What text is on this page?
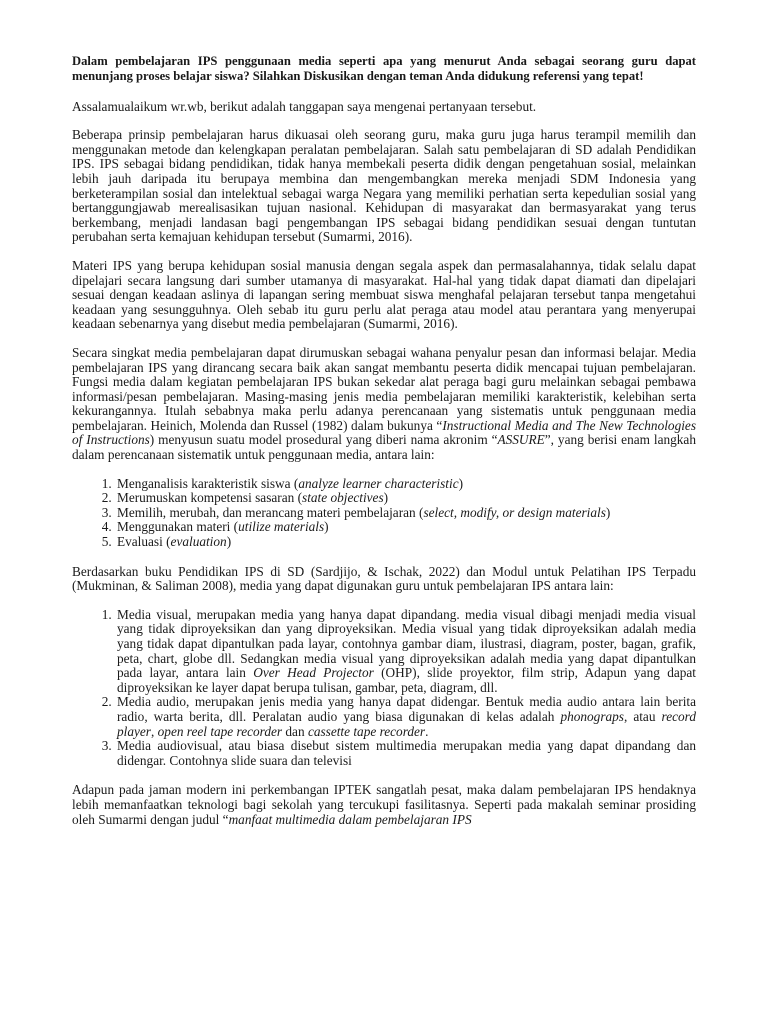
Dalam pembelajaran IPS penggunaan media seperti apa yang menurut Anda sebagai seorang guru dapat menunjang proses belajar siswa? Silahkan Diskusikan dengan teman Anda didukung referensi yang tepat!

Assalamualaikum wr.wb, berikut adalah tanggapan saya mengenai pertanyaan tersebut.

Beberapa prinsip pembelajaran harus dikuasai oleh seorang guru, maka guru juga harus terampil memilih dan menggunakan metode dan kelengkapan peralatan pembelajaran. Salah satu pembelajaran di SD adalah Pendidikan IPS. IPS sebagai bidang pendidikan, tidak hanya membekali peserta didik dengan pengetahuan sosial, melainkan lebih jauh daripada itu berupaya membina dan mengembangkan mereka menjadi SDM Indonesia yang berketerampilan sosial dan intelektual sebagai warga Negara yang memiliki perhatian serta kepedulian sosial yang bertanggungjawab merealisasikan tujuan nasional. Kehidupan di masyarakat dan bermasyarakat yang terus berkembang, menjadi landasan bagi pengembangan IPS sebagai bidang pendidikan sesuai dengan tuntutan perubahan serta kemajuan kehidupan tersebut (Sumarmi, 2016).

Materi IPS yang berupa kehidupan sosial manusia dengan segala aspek dan permasalahannya, tidak selalu dapat dipelajari secara langsung dari sumber utamanya di masyarakat. Hal-hal yang tidak dapat diamati dan dipelajari sesuai dengan keadaan aslinya di lapangan sering membuat siswa menghafal pelajaran tersebut tanpa mengetahui keadaan yang sesungguhnya. Oleh sebab itu guru perlu alat peraga atau model atau perantara yang menyerupai keadaan sebenarnya yang disebut media pembelajaran (Sumarmi, 2016).

Secara singkat media pembelajaran dapat dirumuskan sebagai wahana penyalur pesan dan informasi belajar. Media pembelajaran IPS yang dirancang secara baik akan sangat membantu peserta didik mencapai tujuan pembelajaran. Fungsi media dalam kegiatan pembelajaran IPS bukan sekedar alat peraga bagi guru melainkan sebagai pembawa informasi/pesan pembelajaran. Masing-masing jenis media pembelajaran memiliki karakteristik, kelebihan serta kekurangannya. Itulah sebabnya maka perlu adanya perencanaan yang sistematis untuk penggunaan media pembelajaran. Heinich, Molenda dan Russel (1982) dalam bukunya “Instructional Media and The New Technologies of Instructions) menyusun suatu model prosedural yang diberi nama akronim “ASSURE”, yang berisi enam langkah dalam perencanaan sistematik untuk penggunaan media, antara lain:

1. Menganalisis karakteristik siswa (analyze learner characteristic)
2. Merumuskan kompetensi sasaran (state objectives)
3. Memilih, merubah, dan merancang materi pembelajaran (select, modify, or design materials)
4. Menggunakan materi (utilize materials)
5. Evaluasi (evaluation)

Berdasarkan buku Pendidikan IPS di SD (Sardjijo, & Ischak, 2022) dan Modul untuk Pelatihan IPS Terpadu (Mukminan, & Saliman 2008), media yang dapat digunakan guru untuk pembelajaran IPS antara lain:

1. Media visual, merupakan media yang hanya dapat dipandang. media visual dibagi menjadi media visual yang tidak diproyeksikan dan yang diproyeksikan. Media visual yang tidak diproyeksikan adalah media yang tidak dapat dipantulkan pada layar, contohnya gambar diam, ilustrasi, diagram, poster, bagan, grafik, peta, chart, globe dll. Sedangkan media visual yang diproyeksikan adalah media yang dapat dipantulkan pada layar, antara lain Over Head Projector (OHP), slide proyektor, film strip, Adapun yang dapat diproyeksikan ke layer dapat berupa tulisan, gambar, peta, diagram, dll.
2. Media audio, merupakan jenis media yang hanya dapat didengar. Bentuk media audio antara lain berita radio, warta berita, dll. Peralatan audio yang biasa digunakan di kelas adalah phonograps, atau record player, open reel tape recorder dan cassette tape recorder.
3. Media audiovisual, atau biasa disebut sistem multimedia merupakan media yang dapat dipandang dan didengar. Contohnya slide suara dan televisi

Adapun pada jaman modern ini perkembangan IPTEK sangatlah pesat, maka dalam pembelajaran IPS hendaknya lebih memanfaatkan teknologi bagi sekolah yang tercukupi fasilitasnya. Seperti pada makalah seminar prosiding oleh Sumarmi dengan judul “manfaat multimedia dalam pembelajaran IPS
